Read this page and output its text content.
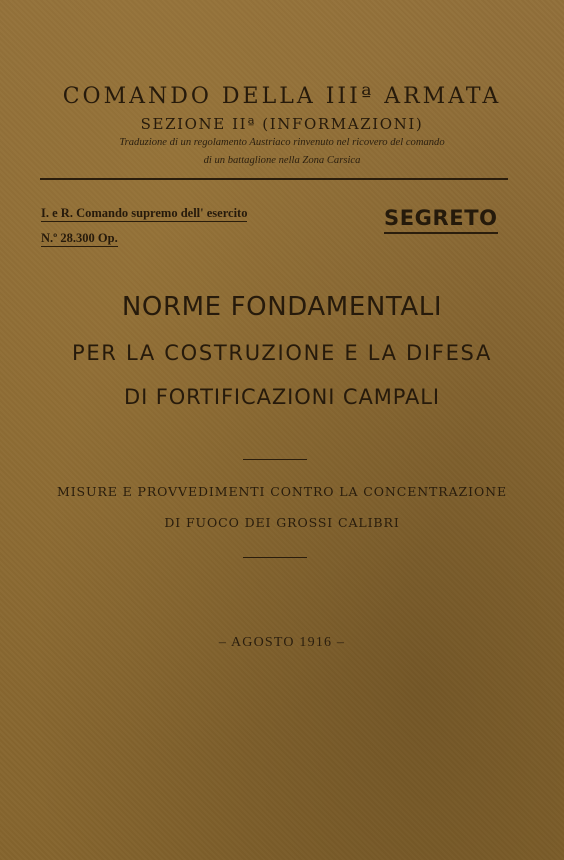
COMANDO DELLA IIIª ARMATA
SEZIONE IIª (INFORMAZIONI)
Traduzione di un regolamento Austriaco rinvenuto nel ricovero del comando
di un battaglione nella Zona Carsica
I. e R. Comando supremo dell' esercito
N.º 28.300 Op.
SEGRETO
NORME FONDAMENTALI
PER LA COSTRUZIONE E LA DIFESA
DI FORTIFICAZIONI CAMPALI
MISURE E PROVVEDIMENTI CONTRO LA CONCENTRAZIONE
DI FUOCO DEI GROSSI CALIBRI
– AGOSTO 1916 –
